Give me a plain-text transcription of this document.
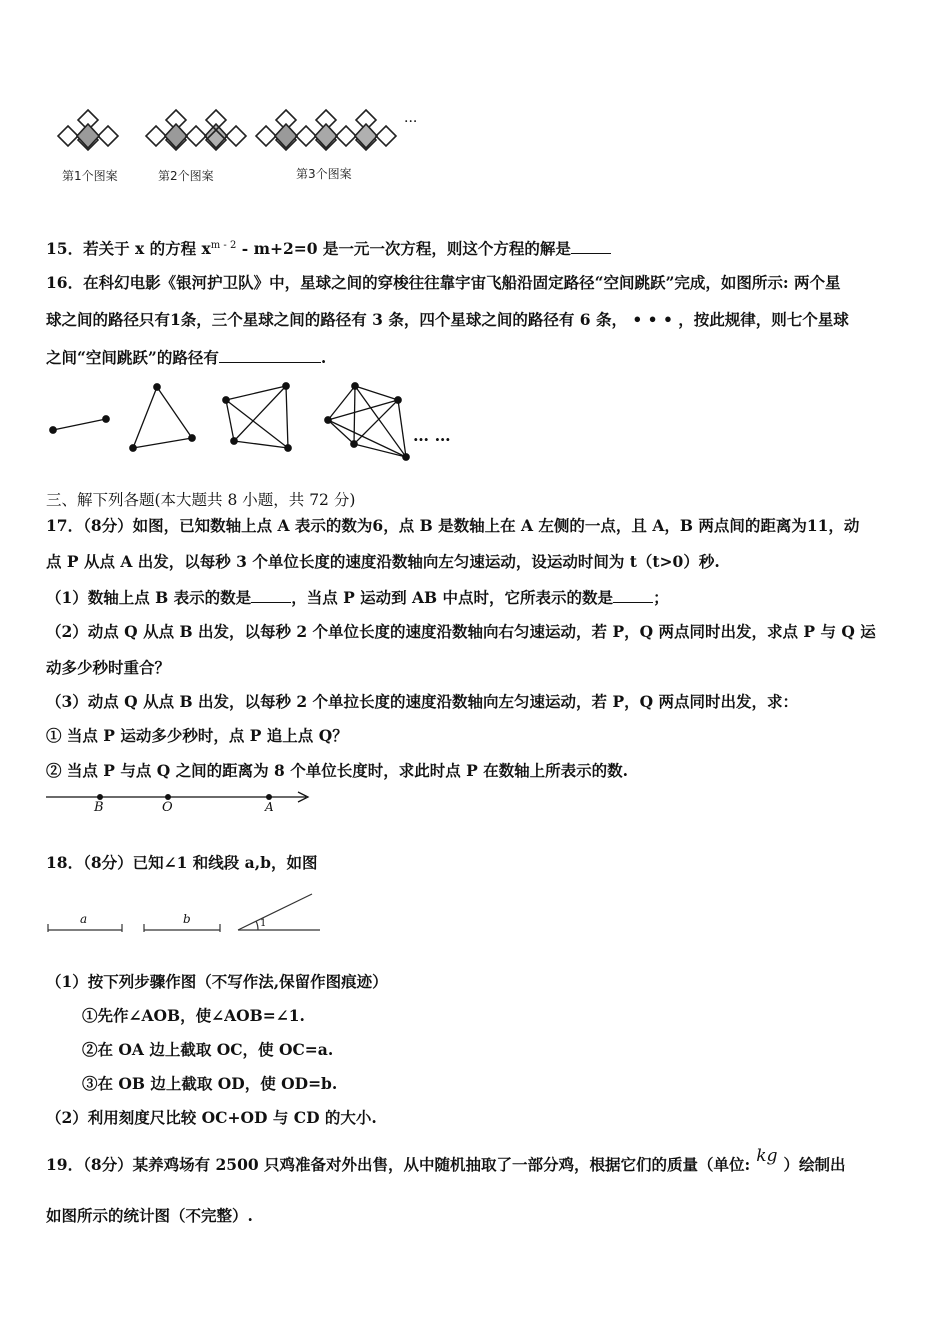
···
第1个图案	第2个图案	第3个图案
15．若关于 x 的方程 $x^{m - 2} - m+2=0$ 是一元一次方程，则这个方程的解是
16．在科幻电影《银河护卫队》中，星球之间的穿梭往往靠宇宙飞船沿固定路径“空间跳跃”完成，如图所示: 两个星
球之间的路径只有1条，三个星球之间的路径有 3 条，四个星球之间的路径有 6 条， • • • ，按此规律，则七个星球
之间“空间跳跃”的路径有	.
… …
三、解下列各题(本大题共 8 小题，共 72 分)
17．（8分）如图，已知数轴上点 A 表示的数为6，点 B 是数轴上在 A 左侧的一点，且 A，B 两点间的距离为11，动
点 P 从点 A 出发，以每秒 3 个单位长度的速度沿数轴向左匀速运动，设运动时间为 t（t>0）秒.
（1）数轴上点 B 表示的数是	，当点 P 运动到 AB 中点时，它所表示的数是	；
（2）动点 Q 从点 B 出发，以每秒 2 个单位长度的速度沿数轴向右匀速运动，若 P，Q 两点同时出发，求点 P 与 Q 运
动多少秒时重合？
（3）动点 Q 从点 B 出发，以每秒 2 个单拉长度的速度沿数轴向左匀速运动，若 P，Q 两点同时出发，求：
① 当点 P 运动多少秒时，点 P 追上点 Q？
② 当点 P 与点 Q 之间的距离为 8 个单位长度时，求此时点 P 在数轴上所表示的数.
B	O	A
18．（8分）已知∠1 和线段 a,b，如图
a	b	1
（1）按下列步骤作图（不写作法,保留作图痕迹）
①先作∠AOB，使∠AOB=∠1.
②在 OA 边上截取 OC，使 OC=a.
③在 OB 边上截取 OD，使 OD=b.
（2）利用刻度尺比较 OC+OD 与 CD 的大小.
19．（8分）某养鸡场有 2500 只鸡准备对外出售，从中随机抽取了一部分鸡，根据它们的质量（单位: kg ）绘制出
如图所示的统计图（不完整）.
